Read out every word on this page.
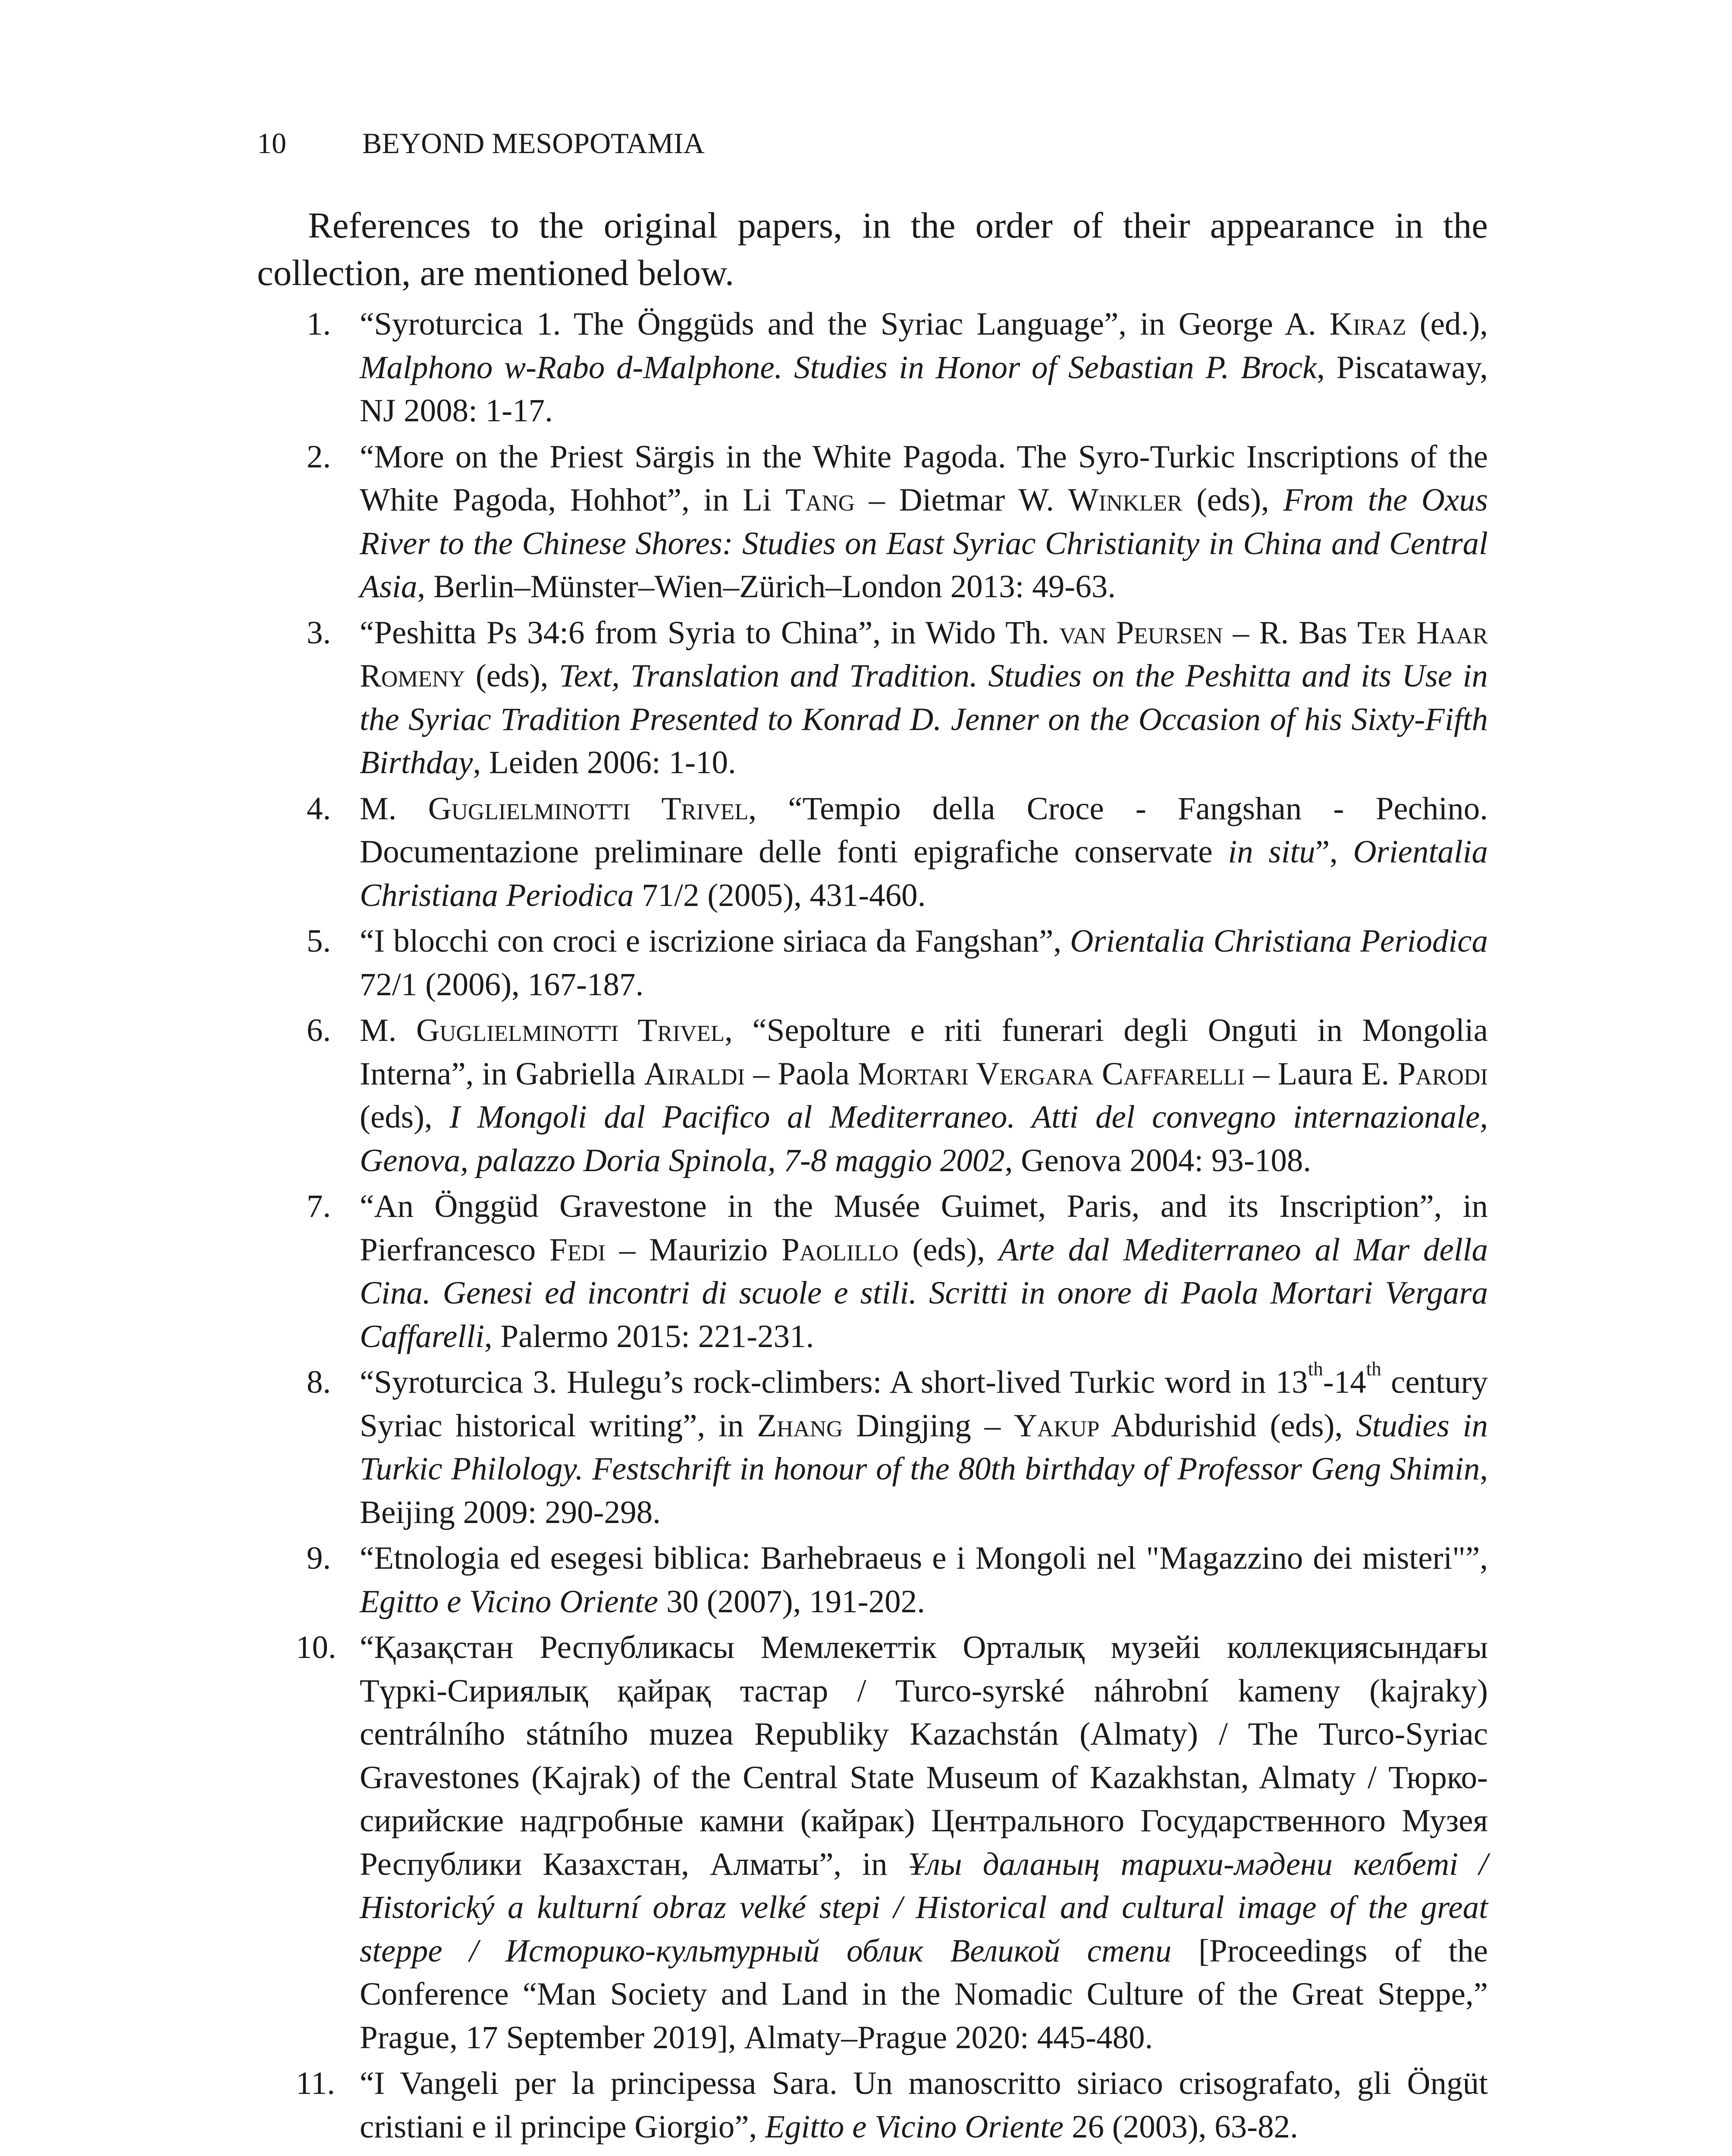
10	BEYOND MESOPOTAMIA

References to the original papers, in the order of their appearance in the collection, are mentioned below.

1. “Syroturcica 1. The Önggüds and the Syriac Language”, in George A. Kiraz (ed.), Malphono w-Rabo d-Malphone. Studies in Honor of Sebastian P. Brock, Piscataway, NJ 2008: 1-17.
2. “More on the Priest Särgis in the White Pagoda. The Syro-Turkic Inscriptions of the White Pagoda, Hohhot”, in Li Tang – Dietmar W. Winkler (eds), From the Oxus River to the Chinese Shores: Studies on East Syriac Christianity in China and Central Asia, Berlin–Münster–Wien–Zürich–London 2013: 49-63.
3. “Peshitta Ps 34:6 from Syria to China”, in Wido Th. van Peursen – R. Bas Ter Haar Romeny (eds), Text, Translation and Tradition. Studies on the Peshitta and its Use in the Syriac Tradition Presented to Konrad D. Jenner on the Occasion of his Sixty-Fifth Birthday, Leiden 2006: 1-10.
4. M. Guglielminotti Trivel, “Tempio della Croce - Fangshan - Pechino. Documentazione preliminare delle fonti epigrafiche conservate in situ”, Orientalia Christiana Periodica 71/2 (2005), 431-460.
5. “I blocchi con croci e iscrizione siriaca da Fangshan”, Orientalia Christiana Periodica 72/1 (2006), 167-187.
6. M. Guglielminotti Trivel, “Sepolture e riti funerari degli Onguti in Mongolia Interna”, in Gabriella Airaldi – Paola Mortari Vergara Caffarelli – Laura E. Parodi (eds), I Mongoli dal Pacifico al Mediterraneo. Atti del convegno internazionale, Genova, palazzo Doria Spinola, 7-8 maggio 2002, Genova 2004: 93-108.
7. “An Önggüd Gravestone in the Musée Guimet, Paris, and its Inscription”, in Pierfrancesco Fedi – Maurizio Paolillo (eds), Arte dal Mediterraneo al Mar della Cina. Genesi ed incontri di scuole e stili. Scritti in onore di Paola Mortari Vergara Caffarelli, Palermo 2015: 221-231.
8. “Syroturcica 3. Hulegu’s rock-climbers: A short-lived Turkic word in 13th-14th century Syriac historical writing”, in Zhang Dingjing – Yakup Abdurishid (eds), Studies in Turkic Philology. Festschrift in honour of the 80th birthday of Professor Geng Shimin, Beijing 2009: 290-298.
9. “Etnologia ed esegesi biblica: Barhebraeus e i Mongoli nel "Magazzino dei misteri"”, Egitto e Vicino Oriente 30 (2007), 191-202.
10. “Қазақстан Республикасы Мемлекеттік Орталық музейі коллекциясындағы Түркі-Сириялық қайрақ тастар / Turco-syrské náhrobní kameny (kajraky) centrálního státního muzea Republiky Kazachstán (Almaty) / The Turco-Syriac Gravestones (Kajrak) of the Central State Museum of Kazakhstan, Almaty / Тюрко-сирийские надгробные камни (кайрак) Центрального Государственного Музея Республики Казахстан, Алматы”, in Ұлы даланың тарихи-мәдени келбеті / Historický a kulturní obraz velké stepi / Historical and cultural image of the great steppe / Историко-культурный облик Великой степи [Proceedings of the Conference “Man Society and Land in the Nomadic Culture of the Great Steppe,” Prague, 17 September 2019], Almaty–Prague 2020: 445-480.
11. “I Vangeli per la principessa Sara. Un manoscritto siriaco crisografato, gli Öngüt cristiani e il principe Giorgio”, Egitto e Vicino Oriente 26 (2003), 63-82.
